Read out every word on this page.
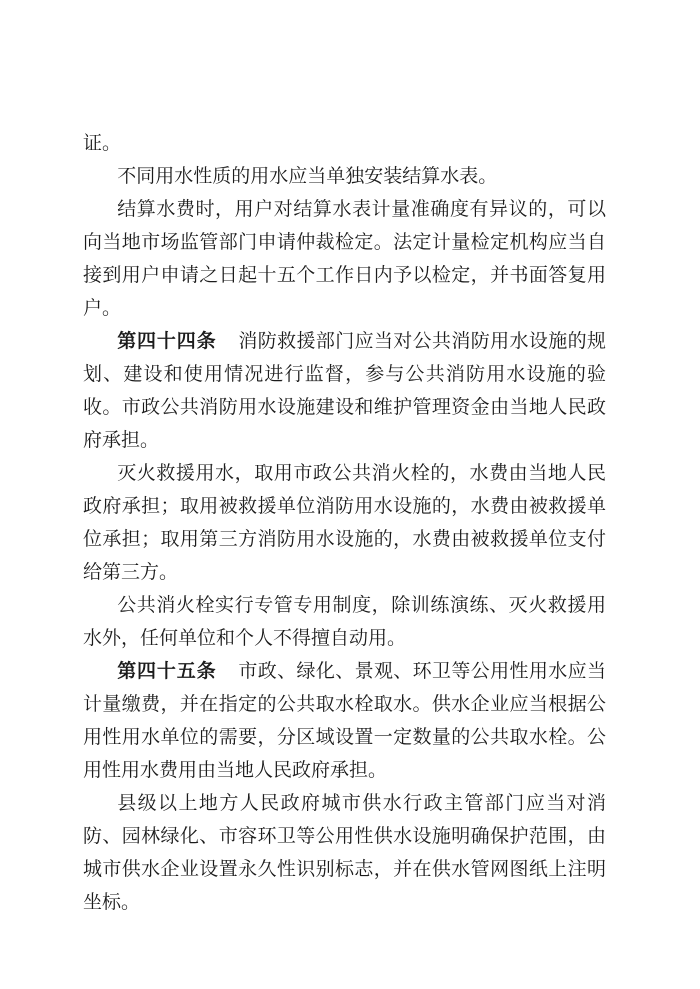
证。

不同用水性质的用水应当单独安装结算水表。

结算水费时，用户对结算水表计量准确度有异议的，可以向当地市场监管部门申请仲裁检定。法定计量检定机构应当自接到用户申请之日起十五个工作日内予以检定，并书面答复用户。

第四十四条 消防救援部门应当对公共消防用水设施的规划、建设和使用情况进行监督，参与公共消防用水设施的验收。市政公共消防用水设施建设和维护管理资金由当地人民政府承担。

灭火救援用水，取用市政公共消火栓的，水费由当地人民政府承担；取用被救援单位消防用水设施的，水费由被救援单位承担；取用第三方消防用水设施的，水费由被救援单位支付给第三方。

公共消火栓实行专管专用制度，除训练演练、灭火救援用水外，任何单位和个人不得擅自动用。

第四十五条 市政、绿化、景观、环卫等公用性用水应当计量缴费，并在指定的公共取水栓取水。供水企业应当根据公用性用水单位的需要，分区域设置一定数量的公共取水栓。公用性用水费用由当地人民政府承担。

县级以上地方人民政府城市供水行政主管部门应当对消防、园林绿化、市容环卫等公用性供水设施明确保护范围，由城市供水企业设置永久性识别标志，并在供水管网图纸上注明坐标。
